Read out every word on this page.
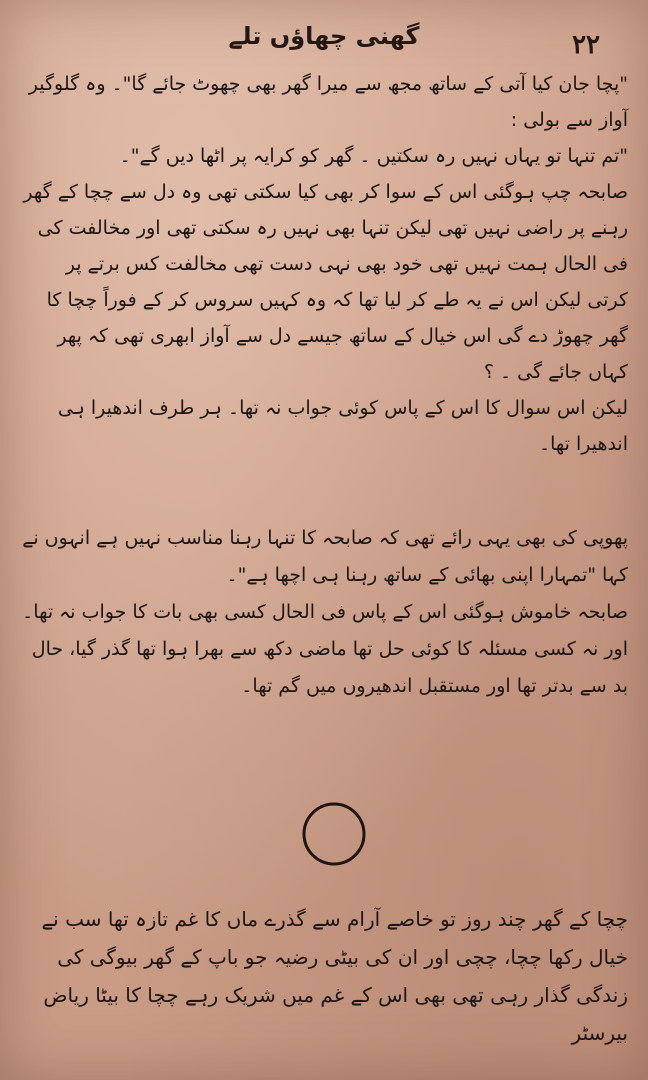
۲۲
گھنی چھاؤں تلے

"پچا جان کیا آتی کے ساتھ مجھ سے میرا گھر بھی چھوٹ جائے گا"۔ وہ گلوگیر آواز سے بولی :

"تم تنہا تو یہاں نہیں رہ سکتیں ۔ گھر کو کرایہ پر اٹھا دیں گے"۔

صابحہ چپ ہوگئی اس کے سوا کر بھی کیا سکتی تھی وہ دل سے چچا کے گھر رہنے پر راضی نہیں تھی لیکن تنہا بھی نہیں رہ سکتی تھی اور مخالفت کی فی الحال ہمت نہیں تھی خود بھی نہی دست تھی مخالفت کس برتے پر کرتی لیکن اس نے یہ طے کر لیا تھا کہ وہ کہیں سروس کر کے فوراً چچا کا گھر چھوڑ دے گی اس خیال کے ساتھ جیسے دل سے آواز ابھری تھی کہ پھر کہاں جائے گی ۔ ؟

لیکن اس سوال کا اس کے پاس کوئی جواب نہ تھا۔ ہر طرف اندھیرا ہی اندھیرا تھا۔

پھوپی کی بھی یہی رائے تھی کہ صابحہ کا تنہا رہنا مناسب نہیں ہے انہوں نے کہا "تمہارا اپنی بھائی کے ساتھ رہنا ہی اچھا ہے"۔

صابحہ خاموش ہوگئی اس کے پاس فی الحال کسی بھی بات کا جواب نہ تھا۔ اور نہ کسی مسئلہ کا کوئی حل تھا ماضی دکھ سے بھرا ہوا تھا گذر گیا، حال بد سے بدتر تھا اور مستقبل اندھیروں میں گم تھا۔

چچا کے گھر چند روز تو خاصے آرام سے گذرے ماں کا غم تازہ تھا سب نے خیال رکھا چچا، چچی اور ان کی بیٹی رضیہ جو باپ کے گھر بیوگی کی زندگی گذار رہی تھی بھی اس کے غم میں شریک رہے چچا کا بیٹا ریاض بیرسٹر
